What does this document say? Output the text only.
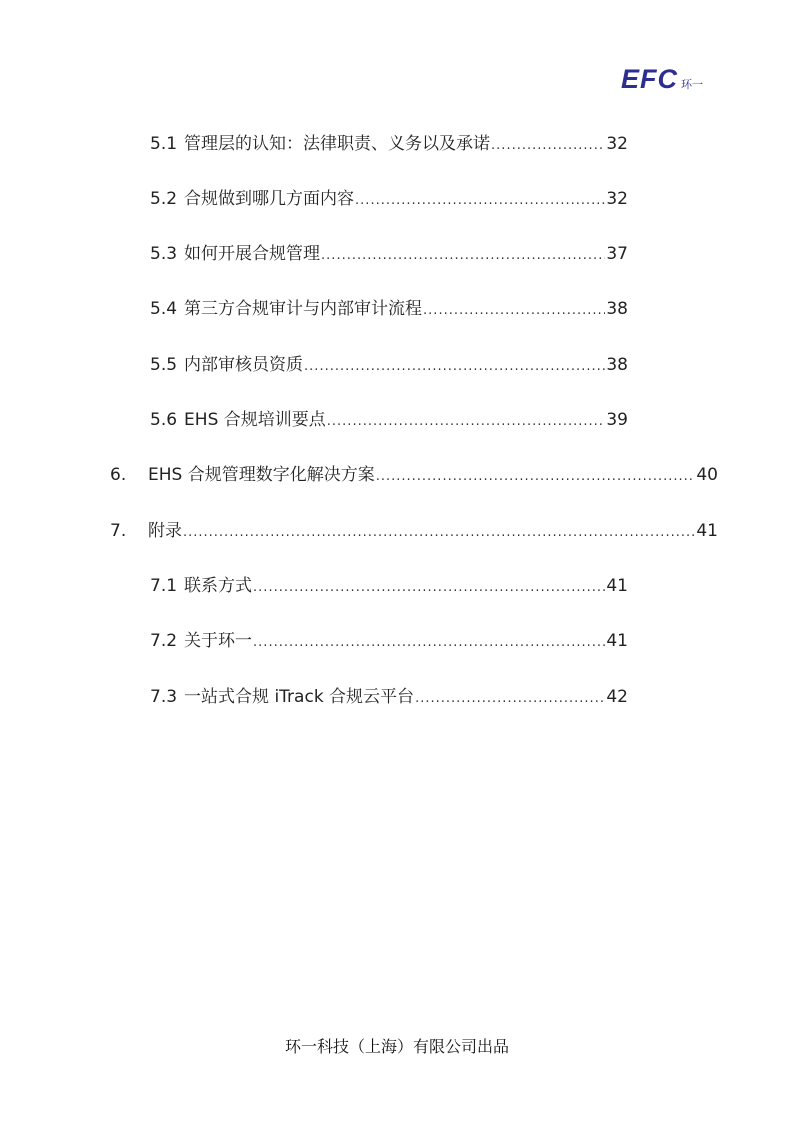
EFC 环一
5.1 管理层的认知：法律职责、义务以及承诺 .....	32
5.2 合规做到哪几方面内容 .....	32
5.3 如何开展合规管理 .....	37
5.4 第三方合规审计与内部审计流程 .....	38
5.5 内部审核员资质 .....	38
5.6 EHS 合规培训要点 .....	39
6.	EHS 合规管理数字化解决方案 .....	40
7.	附录 .....	41
7.1 联系方式 .....	41
7.2 关于环一 .....	41
7.3 一站式合规 iTrack 合规云平台 .....	42
环一科技（上海）有限公司出品
